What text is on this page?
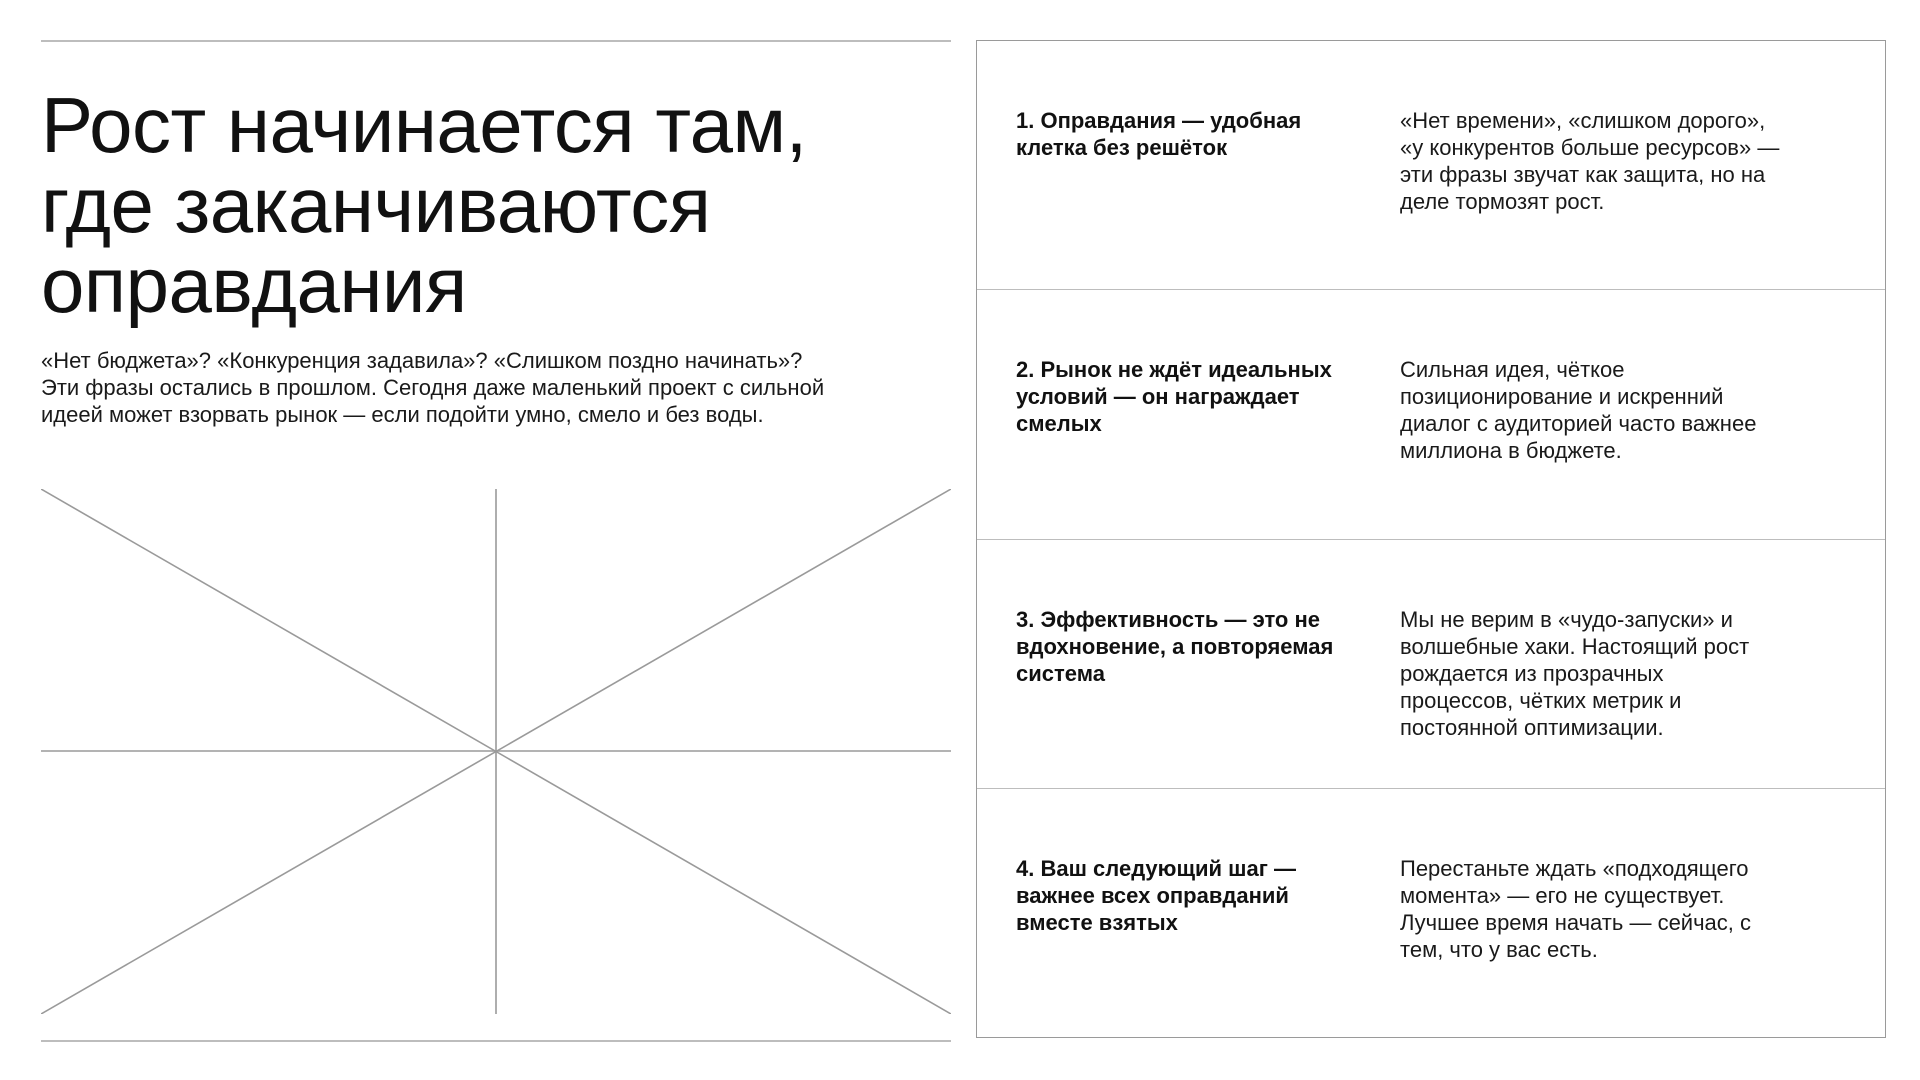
Рост начинается там,
где заканчиваются
оправдания

«Нет бюджета»? «Конкуренция задавила»? «Слишком поздно начинать»?
Эти фразы остались в прошлом. Сегодня даже маленький проект с сильной
идеей может взорвать рынок — если подойти умно, смело и без воды.

1. Оправдания — удобная
клетка без решёток
«Нет времени», «слишком дорого»,
«у конкурентов больше ресурсов» —
эти фразы звучат как защита, но на
деле тормозят рост.
2. Рынок не ждёт идеальных
условий — он награждает
смелых
Сильная идея, чёткое
позиционирование и искренний
диалог с аудиторией часто важнее
миллиона в бюджете.
3. Эффективность — это не
вдохновение, а повторяемая
система
Мы не верим в «чудо-запуски» и
волшебные хаки. Настоящий рост
рождается из прозрачных
процессов, чётких метрик и
постоянной оптимизации.
4. Ваш следующий шаг —
важнее всех оправданий
вместе взятых
Перестаньте ждать «подходящего
момента» — его не существует.
Лучшее время начать — сейчас, с
тем, что у вас есть.
